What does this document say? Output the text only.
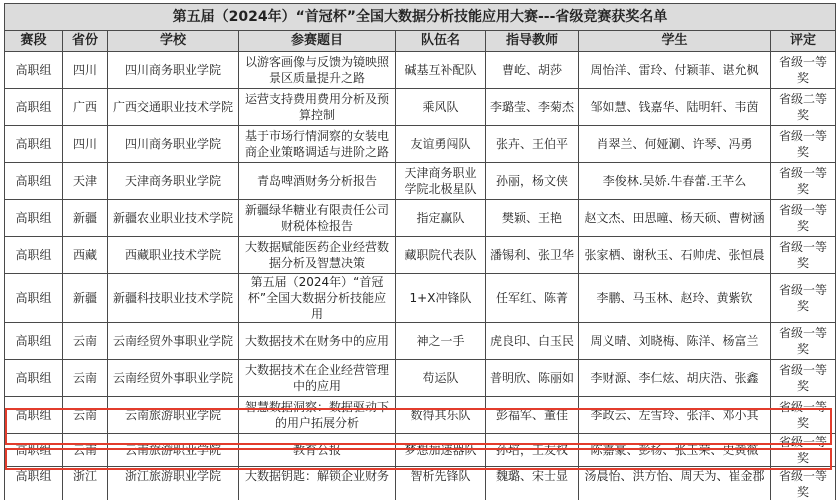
第五届（2024年）“首冠杯”全国大数据分析技能应用大赛---省级竞赛获奖名单							
赛段	省份	学校	参赛题目	队伍名	指导教师	学生	评定
高职组	四川	四川商务职业学院	以游客画像与反馈为镜映照景区质量提升之路	碱基互补配队	曹屹、胡莎	周怡洋、雷玲、付颖菲、谌允枫	省级一等奖
高职组	广西	广西交通职业技术学院	运营支持费用费用分析及预算控制	乘风队	李璐莹、李菊杰	邹如慧、钱嘉华、陆明轩、韦茵	省级二等奖
高职组	四川	四川商务职业学院	基于市场行情洞察的女装电商企业策略调适与进阶之路	友谊勇闯队	张卉、王伯平	肖翠兰、何娅涮、许琴、冯勇	省级一等奖
高职组	天津	天津商务职业学院	青岛啤酒财务分析报告	天津商务职业学院北极星队	孙丽，杨文侠	李俊林.吴娇.牛春蕾.王芊么	省级一等奖
高职组	新疆	新疆农业职业技术学院	新疆绿华糖业有限责任公司财税体检报告	指定赢队	樊颖、王艳	赵文杰、田思曈、杨天硕、曹树涵	省级一等奖
高职组	西藏	西藏职业技术学院	大数据赋能医药企业经营数据分析及智慧决策	藏职院代表队	潘锡利、张卫华	张家栖、谢秋玉、石帅虎、张恒晨	省级一等奖
高职组	新疆	新疆科技职业技术学院	第五届（2024年）“首冠杯”全国大数据分析技能应用	1+X冲锋队	任军红、陈菁	李鹏、马玉林、赵玲、黄紫钦	省级一等奖
高职组	云南	云南经贸外事职业学院	大数据技术在财务中的应用	神之一手	虎良印、白玉民	周义晴、刘晓梅、陈洋、杨富兰	省级一等奖
高职组	云南	云南经贸外事职业学院	大数据技术在企业经营管理中的应用	苟运队	普明欣、陈丽如	李财源、李仁炫、胡庆浩、张鑫	省级一等奖
高职组	云南	云南旅游职业学院	智慧数据洞察：数据驱动下的用户拓展分析	数得其乐队	彭福军、董佳	李政云、左雪玲、张洋、邓小其	省级一等奖
高职组	云南	云南旅游职业学院	教育公报	梦想加速器队	孙培，王友权	陈嘉豪、彭杨、张玉荣、史黄薇	省级一等奖
高职组	浙江	浙江旅游职业学院	大数据钥匙：解锁企业财务	智析先锋队	魏璐、宋士显	汤晨怡、洪方怡、周天为、崔金郡	省级一等奖
